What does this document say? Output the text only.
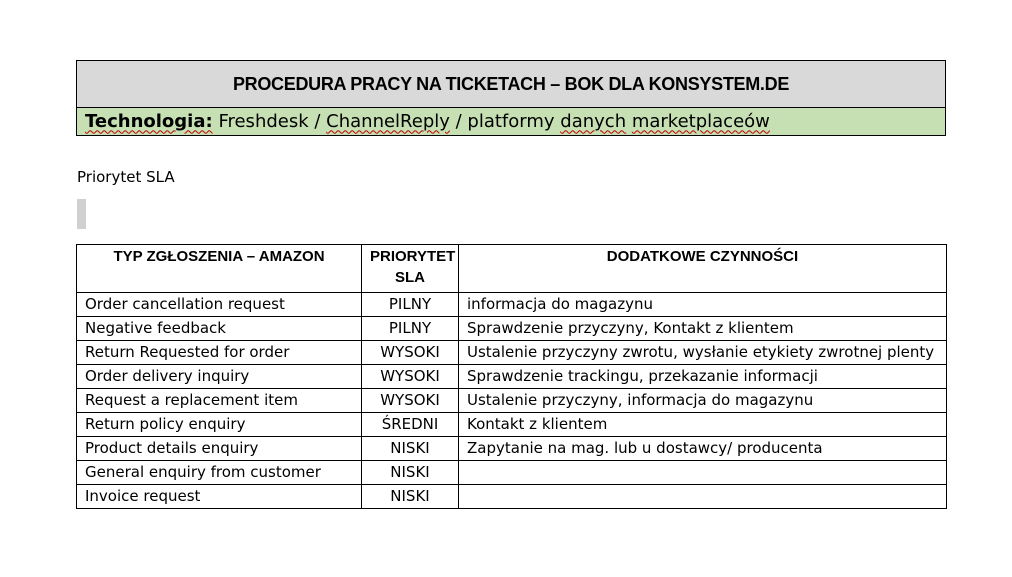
PROCEDURA PRACY NA TICKETACH – BOK DLA KONSYSTEM.DE
Technologia: Freshdesk / ChannelReply / platformy danych marketplaceów
Priorytet SLA
TYP ZGŁOSZENIA – AMAZON	PRIORYTET SLA	DODATKOWE CZYNNOŚCI
Order cancellation request	PILNY	informacja do magazynu
Negative feedback	PILNY	Sprawdzenie przyczyny, Kontakt z klientem
Return Requested for order	WYSOKI	Ustalenie przyczyny zwrotu, wysłanie etykiety zwrotnej plenty
Order delivery inquiry	WYSOKI	Sprawdzenie trackingu, przekazanie informacji
Request a replacement item	WYSOKI	Ustalenie przyczyny, informacja do magazynu
Return policy enquiry	ŚREDNI	Kontakt z klientem
Product details enquiry	NISKI	Zapytanie na mag. lub u dostawcy/ producenta
General enquiry from customer	NISKI	
Invoice request	NISKI	
